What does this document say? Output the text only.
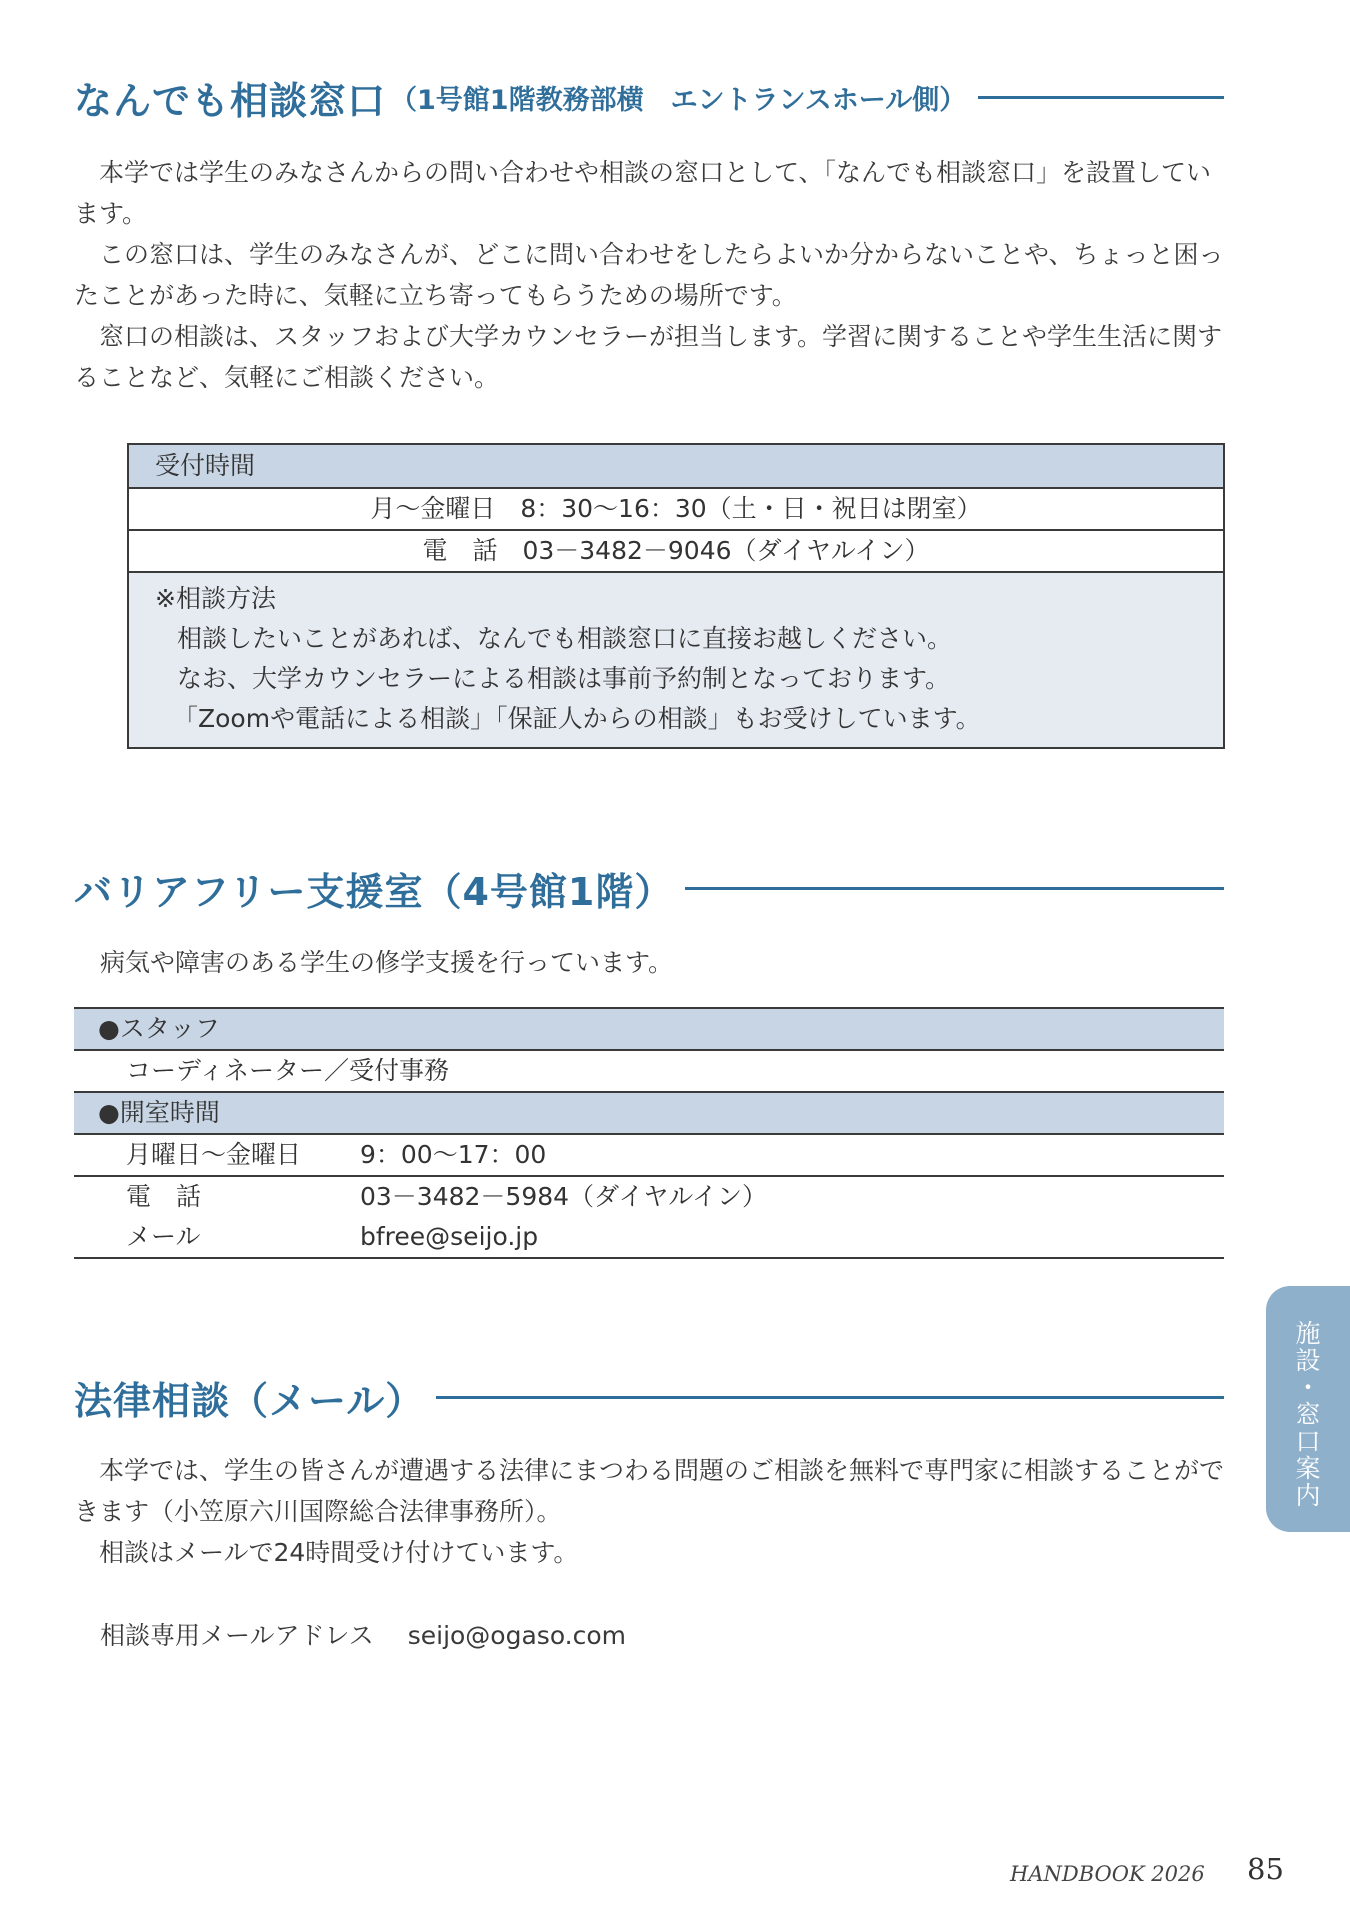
なんでも相談窓口 （1号館1階教務部横　エントランスホール側）

本学では学生のみなさんからの問い合わせや相談の窓口として、「なんでも相談窓口」を設置しています。

この窓口は、学生のみなさんが、どこに問い合わせをしたらよいか分からないことや、ちょっと困ったことがあった時に、気軽に立ち寄ってもらうための場所です。

窓口の相談は、スタッフおよび大学カウンセラーが担当します。学習に関することや学生生活に関することなど、気軽にご相談ください。

受付時間
月～金曜日　8：30～16：30（土・日・祝日は閉室）
電　話　03－3482－9046（ダイヤルイン）
※相談方法
相談したいことがあれば、なんでも相談窓口に直接お越しください。
なお、大学カウンセラーによる相談は事前予約制となっております。
「Zoomや電話による相談」「保証人からの相談」もお受けしています。
バリアフリー支援室（4号館1階）
病気や障害のある学生の修学支援を行っています。
●スタッフ
コーディネーター／受付事務
●開室時間
月曜日～金曜日	9：00～17：00
電　話	03－3482－5984（ダイヤルイン）
メール	bfree@seijo.jp
法律相談（メール）

本学では、学生の皆さんが遭遇する法律にまつわる問題のご相談を無料で専門家に相談することができます（小笠原六川国際総合法律事務所）。

相談はメールで24時間受け付けています。

相談専用メールアドレス seijo@ogaso.com
施設・窓口案内
HANDBOOK 2026 85
